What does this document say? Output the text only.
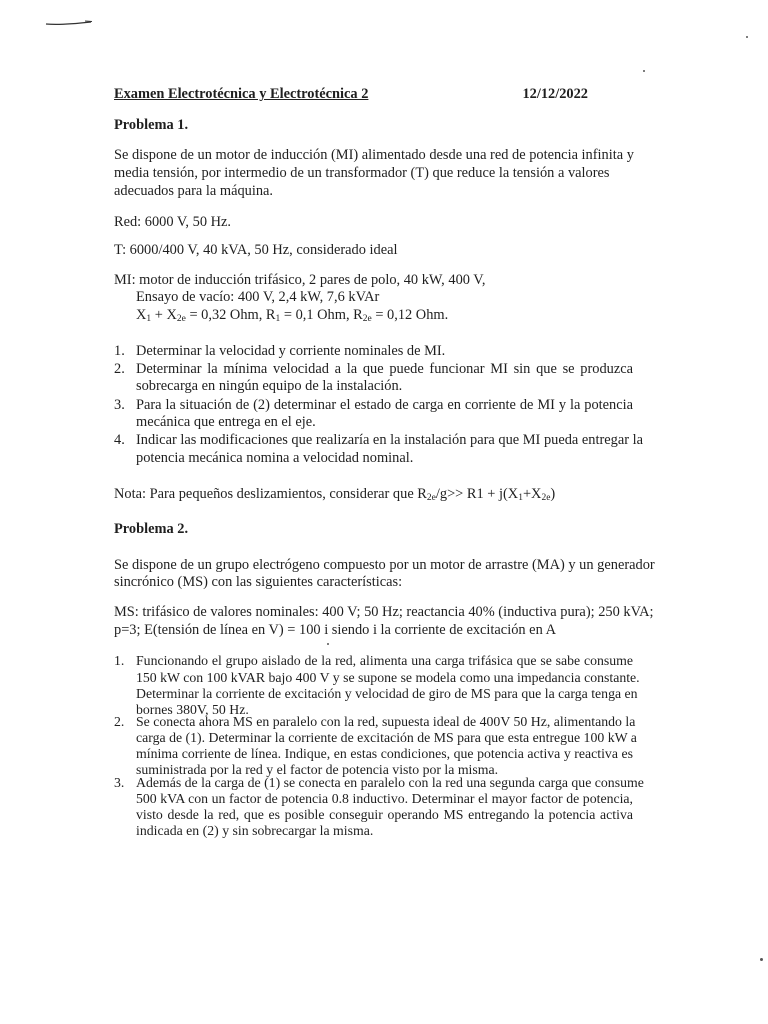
Examen Electrotécnica y Electrotécnica 2	12/12/2022
Problema 1.
Se dispone de un motor de inducción (MI) alimentado desde una red de potencia infinita y
media tensión, por intermedio de un transformador (T) que reduce la tensión a valores
adecuados para la máquina.
Red: 6000 V, 50 Hz.
T: 6000/400 V, 40 kVA, 50 Hz, considerado ideal
MI: motor de inducción trifásico, 2 pares de polo, 40 kW, 400 V,
Ensayo de vacío: 400 V, 2,4 kW, 7,6 kVAr
$X_1 + X_{2e} = 0,32$ Ohm, $R_1 = 0,1$ Ohm, $R_{2e} = 0,12$ Ohm.
1. Determinar la velocidad y corriente nominales de MI.
2. Determinar la mínima velocidad a la que puede funcionar MI sin que se produzca
sobrecarga en ningún equipo de la instalación.
3. Para la situación de (2) determinar el estado de carga en corriente de MI y la potencia
mecánica que entrega en el eje.
4. Indicar las modificaciones que realizaría en la instalación para que MI pueda entregar la
potencia mecánica nomina a velocidad nominal.
Nota: Para pequeños deslizamientos, considerar que $R_{2e}/g>> R1 + j(X_1+X_{2e})$
Problema 2.
Se dispone de un grupo electrógeno compuesto por un motor de arrastre (MA) y un generador
sincrónico (MS) con las siguientes características:
MS: trifásico de valores nominales: 400 V; 50 Hz; reactancia 40% (inductiva pura); 250 kVA;
p=3; E(tensión de línea en V) = 100 i siendo i la corriente de excitación en A
1. Funcionando el grupo aislado de la red, alimenta una carga trifásica que se sabe consume
150 kW con 100 kVAR bajo 400 V y se supone se modela como una impedancia constante.
Determinar la corriente de excitación y velocidad de giro de MS para que la carga tenga en
bornes 380V, 50 Hz.
2. Se conecta ahora MS en paralelo con la red, supuesta ideal de 400V 50 Hz, alimentando la
carga de (1). Determinar la corriente de excitación de MS para que esta entregue 100 kW a
mínima corriente de línea. Indique, en estas condiciones, que potencia activa y reactiva es
suministrada por la red y el factor de potencia visto por la misma.
3. Además de la carga de (1) se conecta en paralelo con la red una segunda carga que consume
500 kVA con un factor de potencia 0.8 inductivo. Determinar el mayor factor de potencia,
visto desde la red, que es posible conseguir operando MS entregando la potencia activa
indicada en (2) y sin sobrecargar la misma.
